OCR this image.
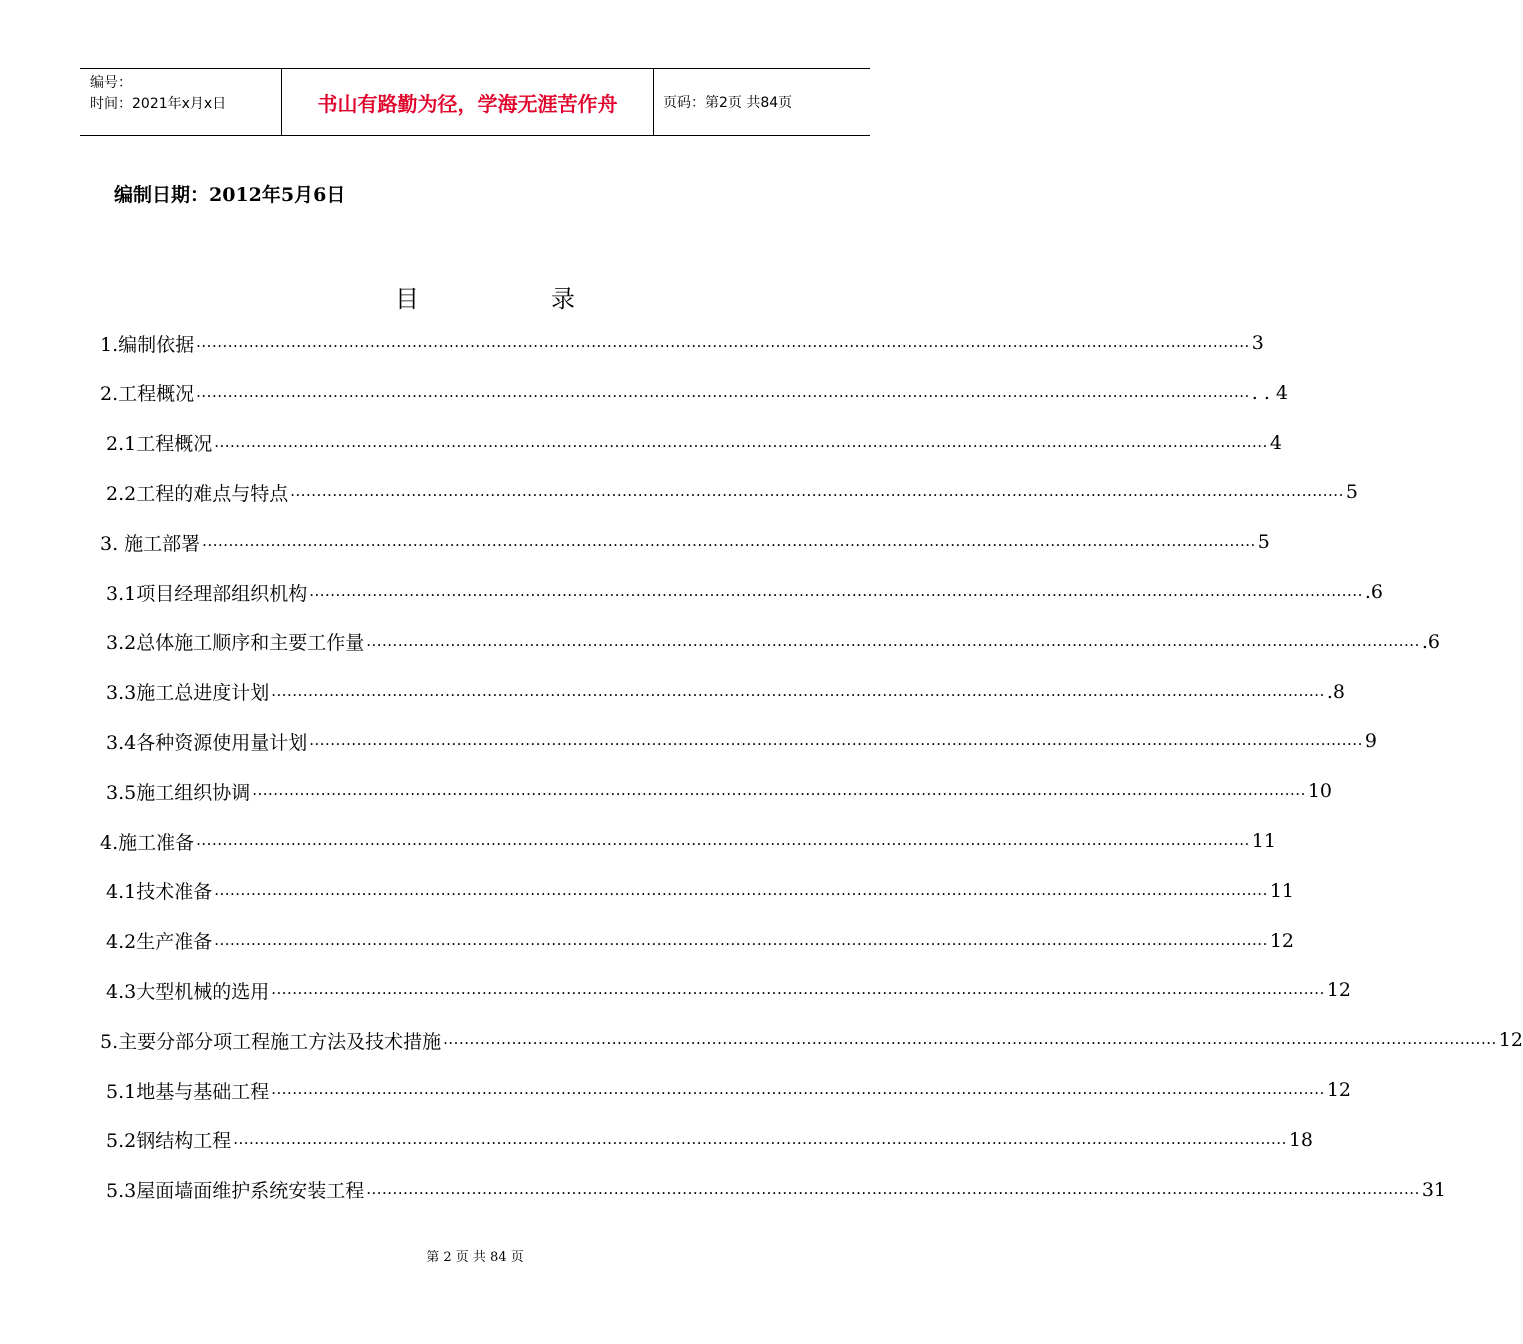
编号：
时间：2021年x月x日	书山有路勤为径，学海无涯苦作舟	页码：第2页 共84页
编制日期：2012年5月6日
目	录
1.编制依据 ········································································································································································································ 3
2.工程概况 ········································································································································································································ . . 4
2.1工程概况 ········································································································································································································ 4
2.2工程的难点与特点 ········································································································································································································ 5
3. 施工部署 ········································································································································································································ 5
3.1项目经理部组织机构 ········································································································································································································ .6
3.2总体施工顺序和主要工作量 ········································································································································································································ .6
3.3施工总进度计划 ········································································································································································································ .8
3.4各种资源使用量计划 ········································································································································································································ 9
3.5施工组织协调 ········································································································································································································ 10
4.施工准备 ········································································································································································································ 11
4.1技术准备 ········································································································································································································ 11
4.2生产准备 ········································································································································································································ 12
4.3大型机械的选用 ········································································································································································································ 12
5.主要分部分项工程施工方法及技术措施 ········································································································································································································ 12
5.1地基与基础工程 ········································································································································································································ 12
5.2钢结构工程 ········································································································································································································ 18
5.3屋面墙面维护系统安装工程 ········································································································································································································ 31
第 2 页 共 84 页
